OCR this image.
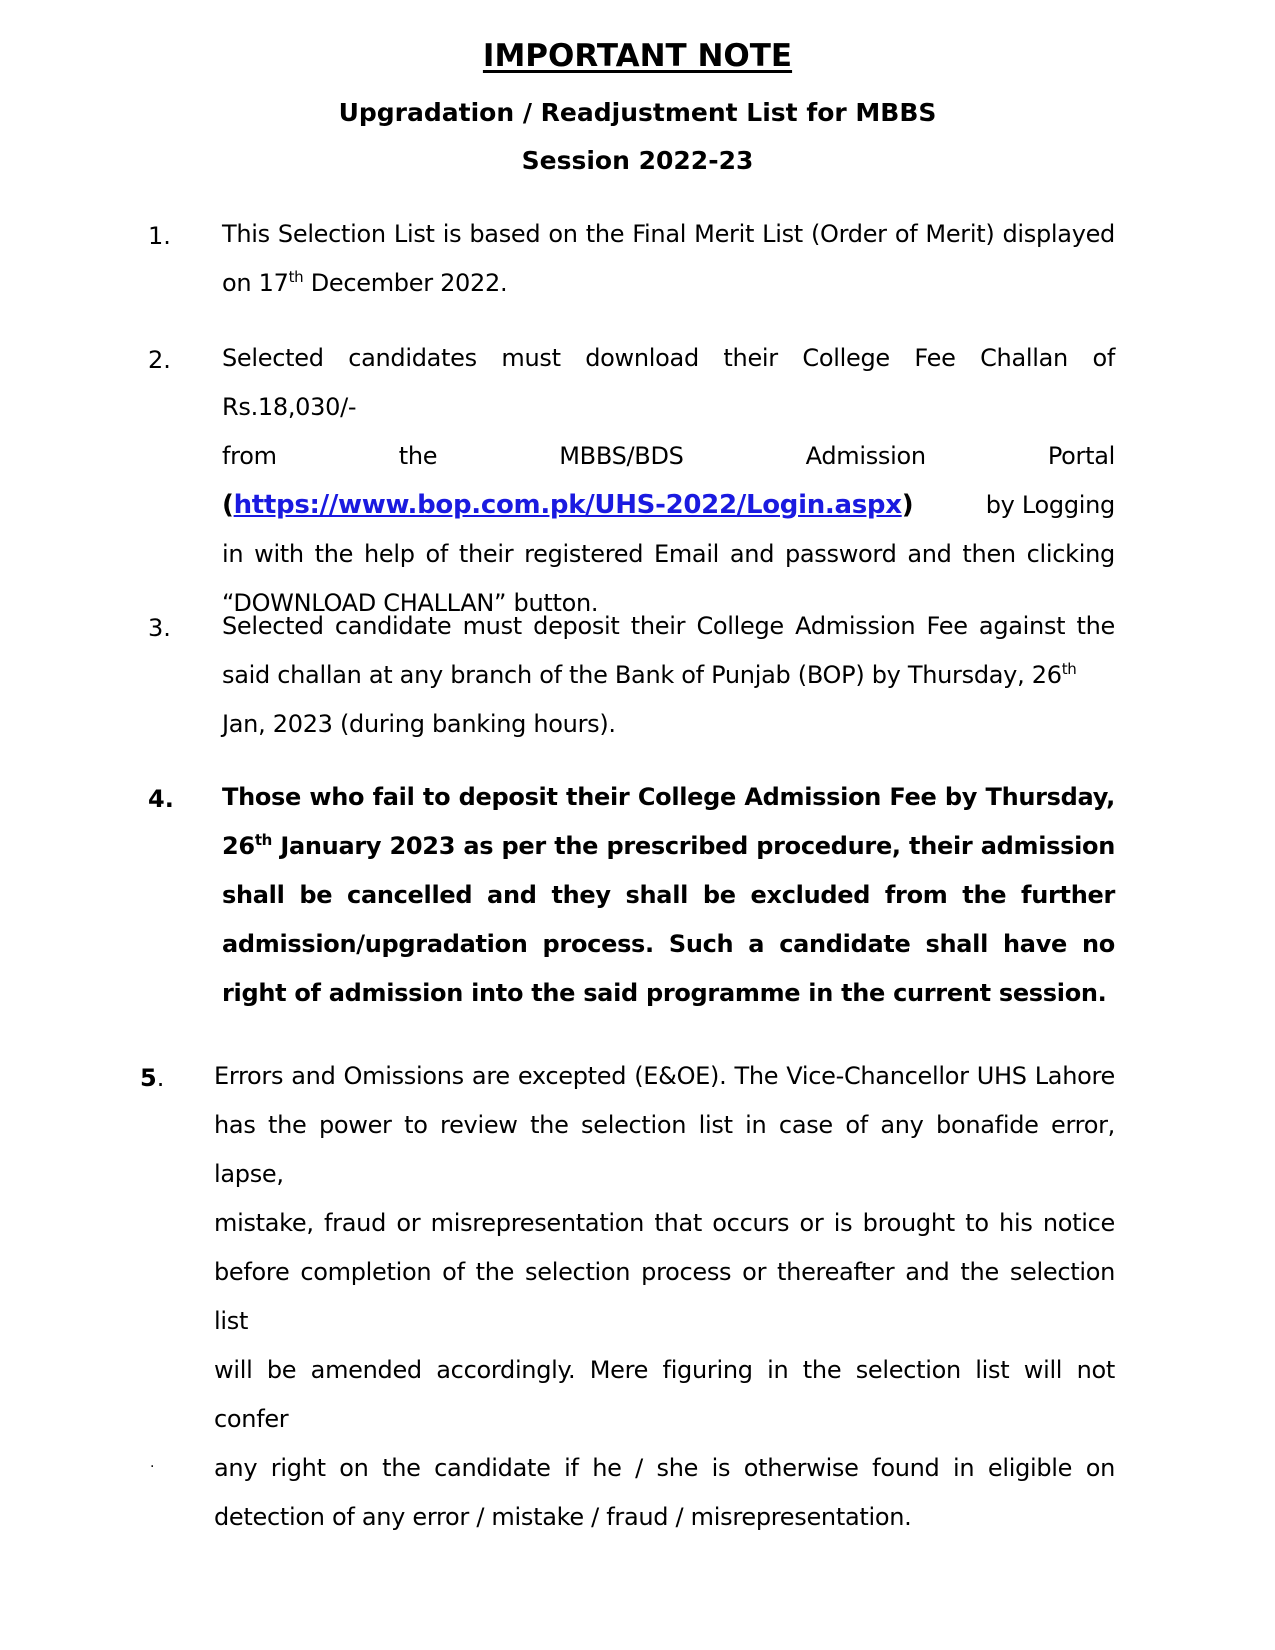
IMPORTANT NOTE
Upgradation / Readjustment List for MBBS
Session 2022-23
1. This Selection List is based on the Final Merit List (Order of Merit) displayed
on 17th December 2022.
2. Selected candidates must download their College Fee Challan of Rs.18,030/-
from the MBBS/BDS Admission Portal
(https://www.bop.com.pk/UHS-2022/Login.aspx)	by Logging
in with the help of their registered Email and password and then clicking
“DOWNLOAD CHALLAN” button.
3. Selected candidate must deposit their College Admission Fee against the
said challan at any branch of the Bank of Punjab (BOP) by Thursday, 26th
Jan, 2023 (during banking hours).
4. Those who fail to deposit their College Admission Fee by Thursday,
26th January 2023 as per the prescribed procedure, their admission
shall be cancelled and they shall be excluded from the further
admission/upgradation process. Such a candidate shall have no
right of admission into the said programme in the current session.
5. Errors and Omissions are excepted (E&OE). The Vice-Chancellor UHS Lahore
has the power to review the selection list in case of any bonafide error, lapse,
mistake, fraud or misrepresentation that occurs or is brought to his notice
before completion of the selection process or thereafter and the selection list
will be amended accordingly. Mere figuring in the selection list will not confer
any right on the candidate if he / she is otherwise found in eligible on
detection of any error / mistake / fraud / misrepresentation.
.
